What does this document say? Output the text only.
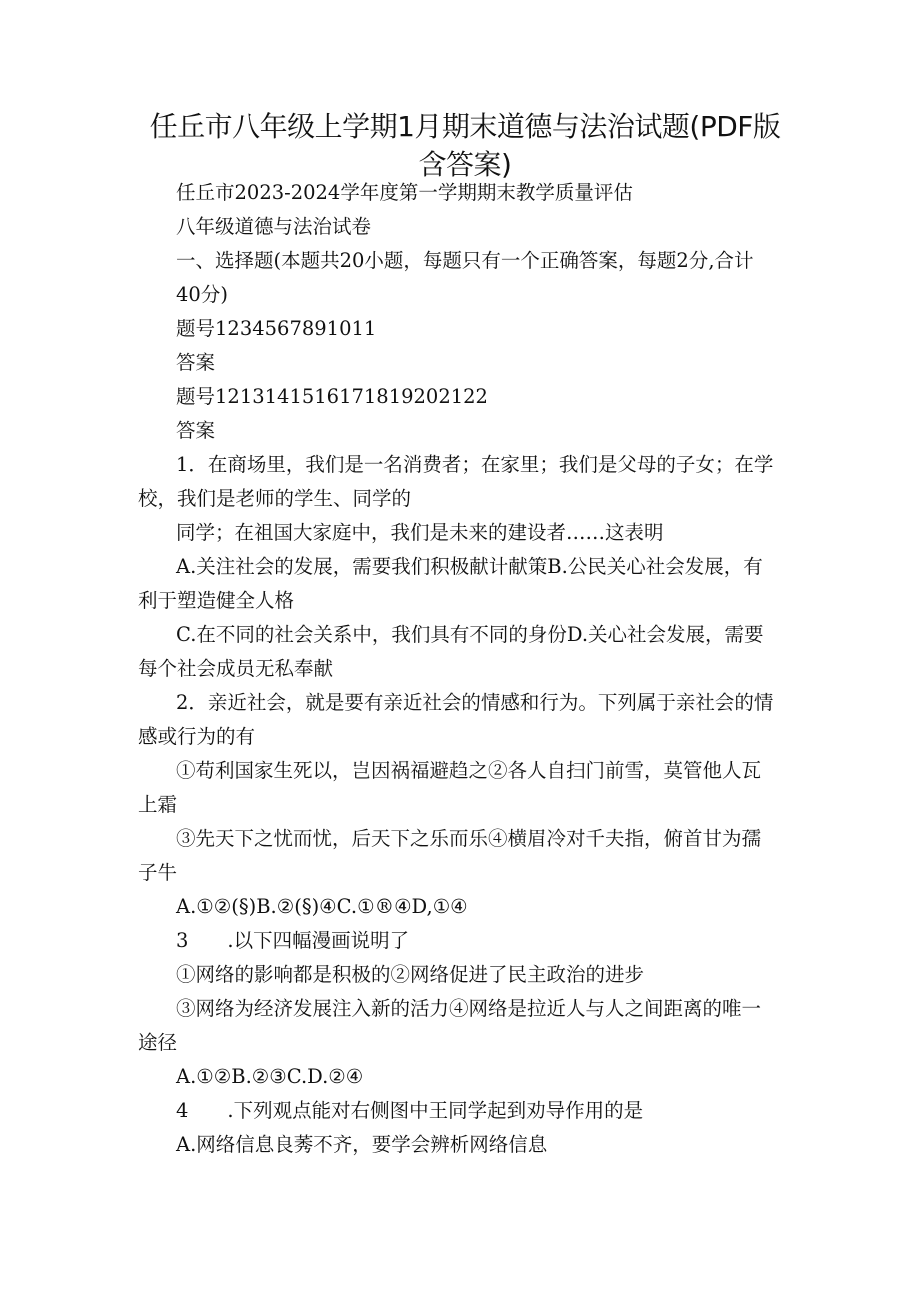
任丘市八年级上学期1月期末道德与法治试题(PDF版含答案)
任丘市2023-2024学年度第一学期期末教学质量评估
八年级道德与法治试卷
一、选择题(本题共20小题，每题只有一个正确答案，每题2分,合计
40分)
题号1234567891011
答案
题号1213141516171819202122
答案
1．在商场里，我们是一名消费者；在家里；我们是父母的子女；在学
校，我们是老师的学生、同学的
同学；在祖国大家庭中，我们是未来的建设者……这表明
A.关注社会的发展，需要我们积极献计献策B.公民关心社会发展，有
利于塑造健全人格
C.在不同的社会关系中，我们具有不同的身份D.关心社会发展，需要
每个社会成员无私奉献
2．亲近社会，就是要有亲近社会的情感和行为。下列属于亲社会的情
感或行为的有
①苟利国家生死以，岂因祸福避趋之②各人自扫门前雪，莫管他人瓦
上霜
③先天下之忧而忧，后天下之乐而乐④横眉冷对千夫指，俯首甘为孺
子牛
A.①②(§)B.②(§)④C.①®④D,①④
3　　.以下四幅漫画说明了
①网络的影响都是积极的②网络促进了民主政治的进步
③网络为经济发展注入新的活力④网络是拉近人与人之间距离的唯一
途径
A.①②B.②③C.D.②④
4　　.下列观点能对右侧图中王同学起到劝导作用的是
A.网络信息良莠不齐，要学会辨析网络信息
